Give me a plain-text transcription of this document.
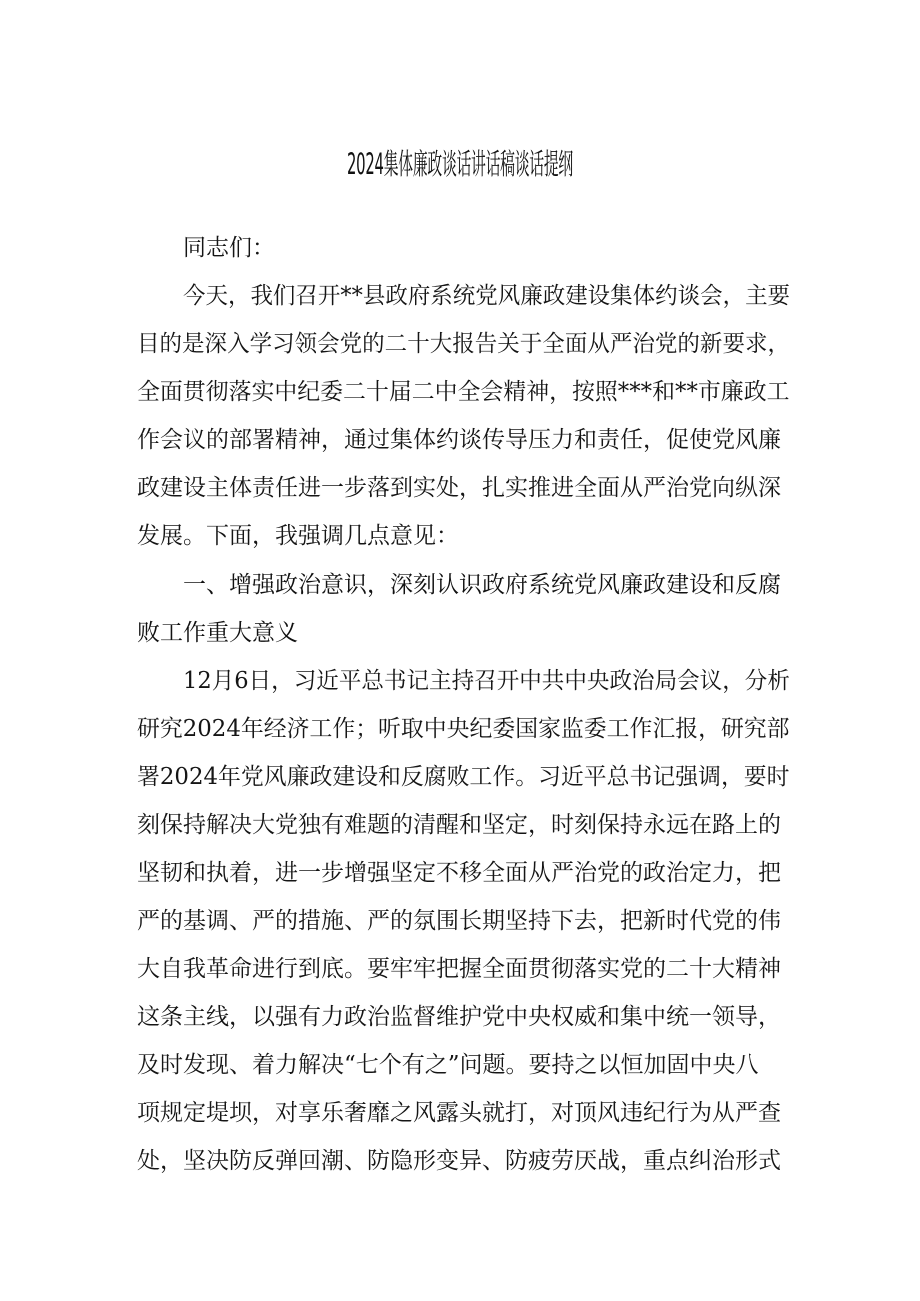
2024集体廉政谈话讲话稿谈话提纲
同志们：
今天，我们召开**县政府系统党风廉政建设集体约谈会，主要
目的是深入学习领会党的二十大报告关于全面从严治党的新要求，
全面贯彻落实中纪委二十届二中全会精神，按照***和**市廉政工
作会议的部署精神，通过集体约谈传导压力和责任，促使党风廉
政建设主体责任进一步落到实处，扎实推进全面从严治党向纵深
发展。下面，我强调几点意见：
一、增强政治意识，深刻认识政府系统党风廉政建设和反腐
败工作重大意义
12月6日，习近平总书记主持召开中共中央政治局会议，分析
研究2024年经济工作；听取中央纪委国家监委工作汇报，研究部
署2024年党风廉政建设和反腐败工作。习近平总书记强调，要时
刻保持解决大党独有难题的清醒和坚定，时刻保持永远在路上的
坚韧和执着，进一步增强坚定不移全面从严治党的政治定力，把
严的基调、严的措施、严的氛围长期坚持下去，把新时代党的伟
大自我革命进行到底。要牢牢把握全面贯彻落实党的二十大精神
这条主线，以强有力政治监督维护党中央权威和集中统一领导，
及时发现、着力解决“七个有之”问题。要持之以恒加固中央八
项规定堤坝，对享乐奢靡之风露头就打，对顶风违纪行为从严查
处，坚决防反弹回潮、防隐形变异、防疲劳厌战，重点纠治形式
